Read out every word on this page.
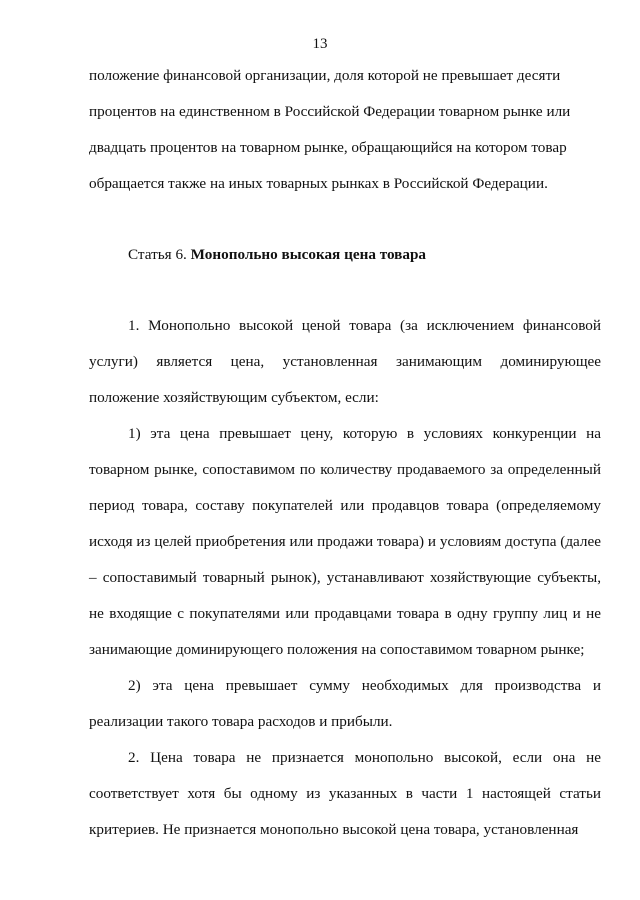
13

положение финансовой организации, доля которой не превышает десяти

процентов на единственном в Российской Федерации товарном рынке или

двадцать процентов на товарном рынке, обращающийся на котором товар

обращается также на иных товарных рынках в Российской Федерации.

Статья 6. Монопольно высокая цена товара

1. Монопольно высокой ценой товара (за исключением финансовой услуги) является цена, установленная занимающим доминирующее положение хозяйствующим субъектом, если:

1) эта цена превышает цену, которую в условиях конкуренции на товарном рынке, сопоставимом по количеству продаваемого за определенный период товара, составу покупателей или продавцов товара (определяемому исходя из целей приобретения или продажи товара) и условиям доступа (далее – сопоставимый товарный рынок), устанавливают хозяйствующие субъекты, не входящие с покупателями или продавцами товара в одну группу лиц и не занимающие доминирующего положения на сопоставимом товарном рынке;

2) эта цена превышает сумму необходимых для производства и реализации такого товара расходов и прибыли.

2. Цена товара не признается монопольно высокой, если она не соответствует хотя бы одному из указанных в части 1 настоящей статьи критериев. Не признается монопольно высокой цена товара, установленная
